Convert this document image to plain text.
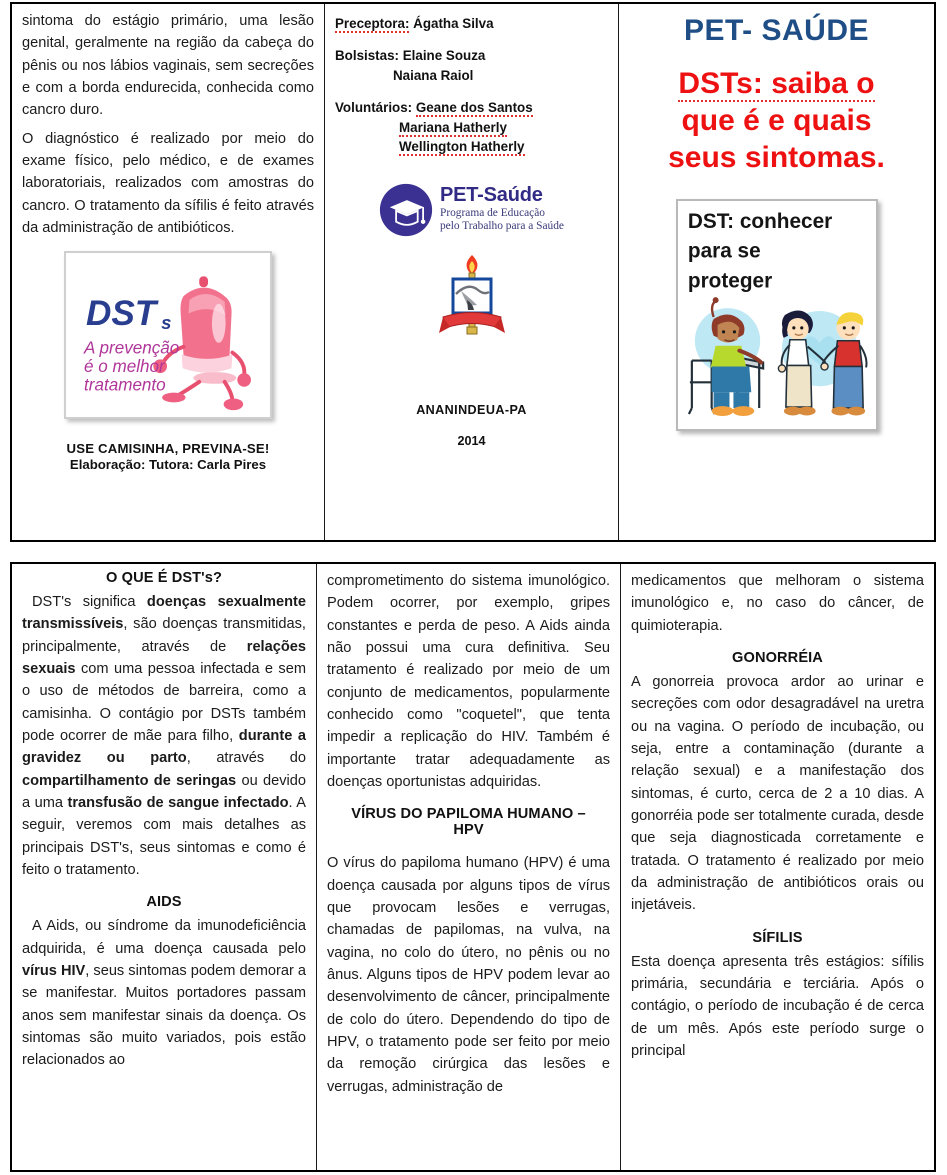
sintoma do estágio primário, uma lesão genital, geralmente na região da cabeça do pênis ou nos lábios vaginais, sem secreções e com a borda endurecida, conhecida como cancro duro.

O diagnóstico é realizado por meio do exame físico, pelo médico, e de exames laboratoriais, realizados com amostras do cancro. O tratamento da sífilis é feito através da administração de antibióticos.

DST s
A prevenção
é o melhor
tratamento
USE CAMISINHA, PREVINA-SE!
Elaboração: Tutora: Carla Pires
Preceptora: Ágatha Silva
Bolsistas: Elaine Souza
Naiana Raiol
Voluntários: Geane dos Santos
Mariana Hatherly
Wellington Hatherly
PET-Saúde
Programa de Educação
pelo Trabalho para a Saúde
ANANINDEUA-PA
2014
PET- SAÚDE
DSTs: saiba o
que é e quais
seus sintomas.
DST: conhecer
para se
proteger
O QUE É DST's?

DST's significa doenças sexualmente transmissíveis, são doenças transmitidas, principalmente, através de relações sexuais com uma pessoa infectada e sem o uso de métodos de barreira, como a camisinha. O contágio por DSTs também pode ocorrer de mãe para filho, durante a gravidez ou parto, através do compartilhamento de seringas ou devido a uma transfusão de sangue infectado. A seguir, veremos com mais detalhes as principais DST's, seus sintomas e como é feito o tratamento.

AIDS

A Aids, ou síndrome da imunodeficiência adquirida, é uma doença causada pelo vírus HIV, seus sintomas podem demorar a se manifestar. Muitos portadores passam anos sem manifestar sinais da doença. Os sintomas são muito variados, pois estão relacionados ao

comprometimento do sistema imunológico. Podem ocorrer, por exemplo, gripes constantes e perda de peso. A Aids ainda não possui uma cura definitiva. Seu tratamento é realizado por meio de um conjunto de medicamentos, popularmente conhecido como "coquetel", que tenta impedir a replicação do HIV. Também é importante tratar adequadamente as doenças oportunistas adquiridas.

VÍRUS DO PAPILOMA HUMANO –
HPV

O vírus do papiloma humano (HPV) é uma doença causada por alguns tipos de vírus que provocam lesões e verrugas, chamadas de papilomas, na vulva, na vagina, no colo do útero, no pênis ou no ânus. Alguns tipos de HPV podem levar ao desenvolvimento de câncer, principalmente de colo do útero. Dependendo do tipo de HPV, o tratamento pode ser feito por meio da remoção cirúrgica das lesões e verrugas, administração de

medicamentos que melhoram o sistema imunológico e, no caso do câncer, de quimioterapia.

GONORRÉIA

A gonorreia provoca ardor ao urinar e secreções com odor desagradável na uretra ou na vagina. O período de incubação, ou seja, entre a contaminação (durante a relação sexual) e a manifestação dos sintomas, é curto, cerca de 2 a 10 dias. A gonorréia pode ser totalmente curada, desde que seja diagnosticada corretamente e tratada. O tratamento é realizado por meio da administração de antibióticos orais ou injetáveis.

SÍFILIS

Esta doença apresenta três estágios: sífilis primária, secundária e terciária. Após o contágio, o período de incubação é de cerca de um mês. Após este período surge o principal
